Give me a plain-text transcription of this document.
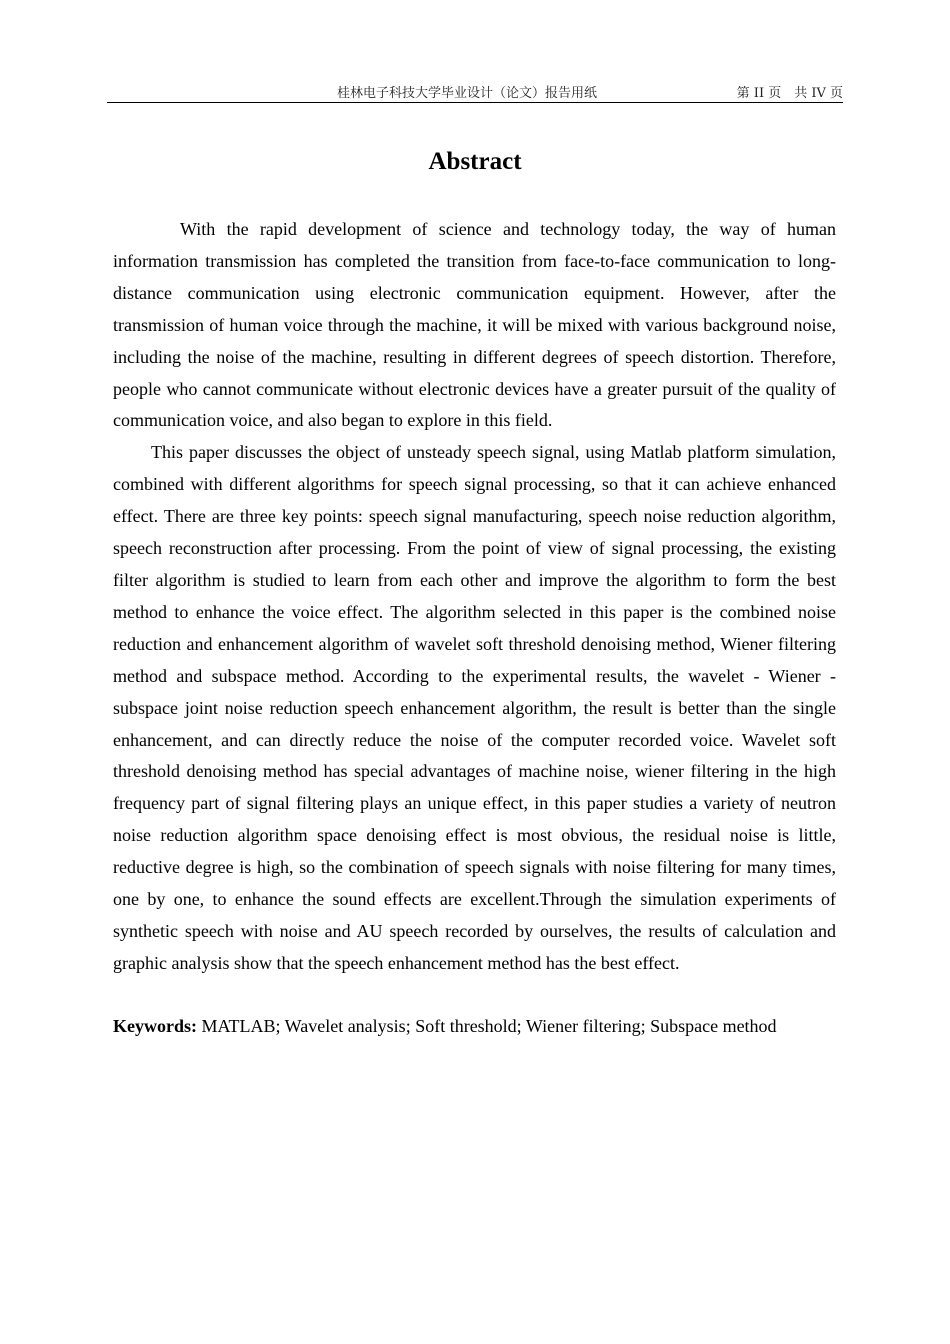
桂林电子科技大学毕业设计（论文）报告用纸	第 II 页　共 IV 页
Abstract

With the rapid development of science and technology today, the way of human information transmission has completed the transition from face-to-face communication to long-distance communication using electronic communication equipment. However, after the transmission of human voice through the machine, it will be mixed with various background noise, including the noise of the machine, resulting in different degrees of speech distortion. Therefore, people who cannot communicate without electronic devices have a greater pursuit of the quality of communication voice, and also began to explore in this field.

This paper discusses the object of unsteady speech signal, using Matlab platform simulation, combined with different algorithms for speech signal processing, so that it can achieve enhanced effect. There are three key points: speech signal manufacturing, speech noise reduction algorithm, speech reconstruction after processing. From the point of view of signal processing, the existing filter algorithm is studied to learn from each other and improve the algorithm to form the best method to enhance the voice effect. The algorithm selected in this paper is the combined noise reduction and enhancement algorithm of wavelet soft threshold denoising method, Wiener filtering method and subspace method. According to the experimental results, the wavelet - Wiener - subspace joint noise reduction speech enhancement algorithm, the result is better than the single enhancement, and can directly reduce the noise of the computer recorded voice. Wavelet soft threshold denoising method has special advantages of machine noise, wiener filtering in the high frequency part of signal filtering plays an unique effect, in this paper studies a variety of neutron noise reduction algorithm space denoising effect is most obvious, the residual noise is little, reductive degree is high, so the combination of speech signals with noise filtering for many times, one by one, to enhance the sound effects are excellent.Through the simulation experiments of synthetic speech with noise and AU speech recorded by ourselves, the results of calculation and graphic analysis show that the speech enhancement method has the best effect.

Keywords: MATLAB; Wavelet analysis; Soft threshold; Wiener filtering; Subspace method
